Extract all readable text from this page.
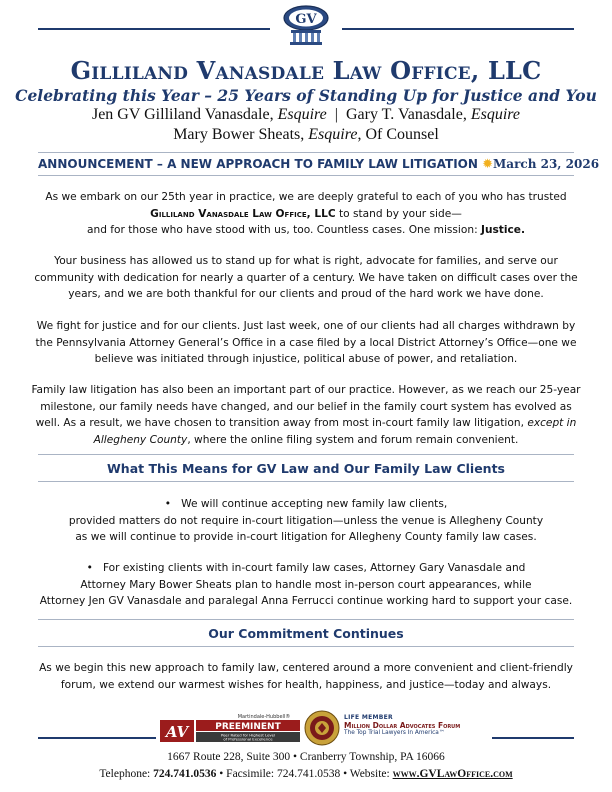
GV
Gilliland Vanasdale Law Office, LLC
Celebrating this Year – 25 Years of Standing Up for Justice and You
Jen GV Gilliland Vanasdale, Esquire  |  Gary T. Vanasdale, Esquire
Mary Bower Sheats, Esquire, Of Counsel
ANNOUNCEMENT – A NEW APPROACH TO FAMILY LAW LITIGATION ✹March 23, 2026
As we embark on our 25th year in practice, we are deeply grateful to each of you who has trusted
Gilliland Vanasdale Law Office, LLC to stand by your side—
and for those who have stood with us, too. Countless cases. One mission: Justice.
Your business has allowed us to stand up for what is right, advocate for families, and serve our community with dedication for nearly a quarter of a century. We have taken on difficult cases over the years, and we are both thankful for our clients and proud of the hard work we have done.
We fight for justice and for our clients. Just last week, one of our clients had all charges withdrawn by the Pennsylvania Attorney General’s Office in a case filed by a local District Attorney’s Office—one we believe was initiated through injustice, political abuse of power, and retaliation.
Family law litigation has also been an important part of our practice. However, as we reach our 25-year milestone, our family needs have changed, and our belief in the family court system has evolved as well. As a result, we have chosen to transition away from most in-court family law litigation, except in Allegheny County, where the online filing system and forum remain convenient.
What This Means for GV Law and Our Family Law Clients
•   We will continue accepting new family law clients,
provided matters do not require in-court litigation—unless the venue is Allegheny County
as we will continue to provide in-court litigation for Allegheny County family law cases.
•   For existing clients with in-court family law cases, Attorney Gary Vanasdale and
Attorney Mary Bower Sheats plan to handle most in-person court appearances, while
Attorney Jen GV Vanasdale and paralegal Anna Ferrucci continue working hard to support your case.
Our Commitment Continues
As we begin this new approach to family law, centered around a more convenient and client-friendly forum, we extend our warmest wishes for health, happiness, and justice—today and always.
Martindale-Hubbell®
AV	PREEMINENT
Peer Rated for Highest Level
of Professional Excellence
LIFE MEMBER
Million Dollar Advocates Forum
The Top Trial Lawyers In America™
1667 Route 228, Suite 300 • Cranberry Township, PA 16066
Telephone: 724.741.0536 • Facsimile: 724.741.0538 • Website: www.GVLawOffice.com
